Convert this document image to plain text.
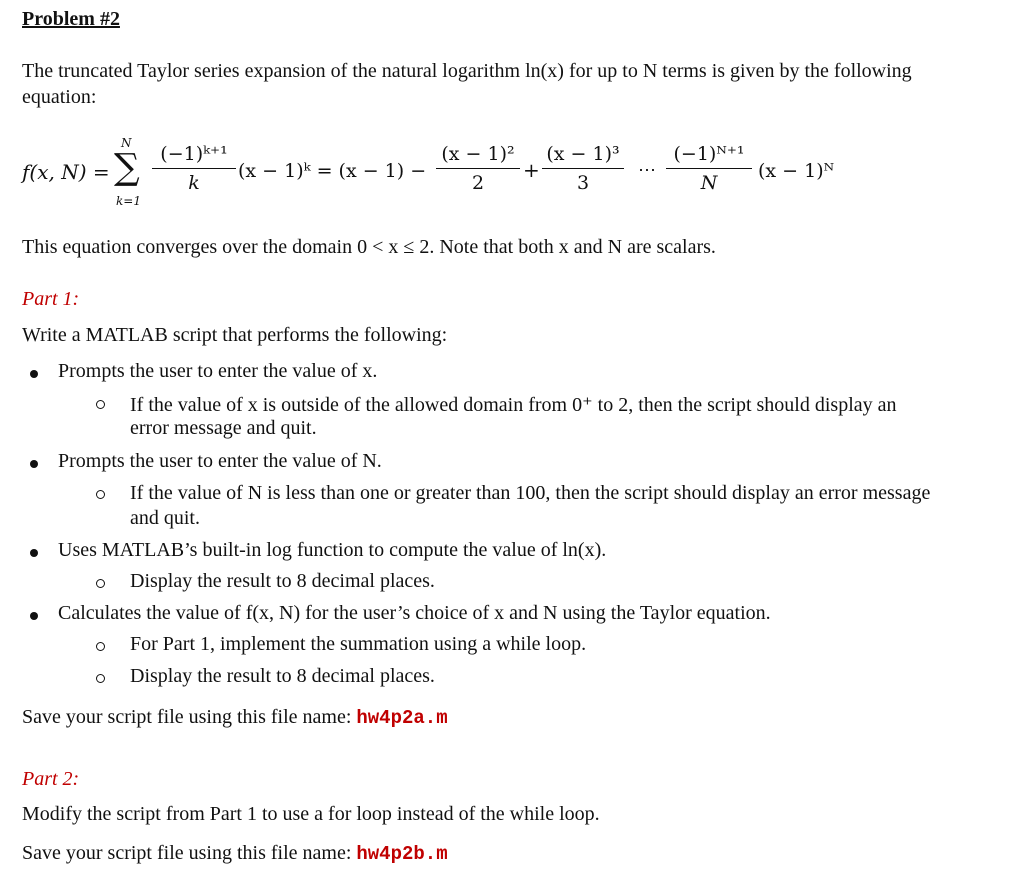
Problem #2
The truncated Taylor series expansion of the natural logarithm ln(x) for up to N terms is given by the following
equation:
f(x, N) =
N
∑
k=1
(−1)ᵏ⁺¹
k
(x − 1)ᵏ = (x − 1) −
(x − 1)²
2
+
(x − 1)³
3
⋯
(−1)ᴺ⁺¹
N
(x − 1)ᴺ
This equation converges over the domain 0 < x ≤ 2. Note that both x and N are scalars.
Part 1:
Write a MATLAB script that performs the following:
Prompts the user to enter the value of x.
If the value of x is outside of the allowed domain from 0⁺ to 2, then the script should display an
error message and quit.
Prompts the user to enter the value of N.
If the value of N is less than one or greater than 100, then the script should display an error message
and quit.
Uses MATLAB’s built-in log function to compute the value of ln(x).
Display the result to 8 decimal places.
Calculates the value of f(x, N) for the user’s choice of x and N using the Taylor equation.
For Part 1, implement the summation using a while loop.
Display the result to 8 decimal places.
Save your script file using this file name: hw4p2a.m
Part 2:
Modify the script from Part 1 to use a for loop instead of the while loop.
Save your script file using this file name: hw4p2b.m
